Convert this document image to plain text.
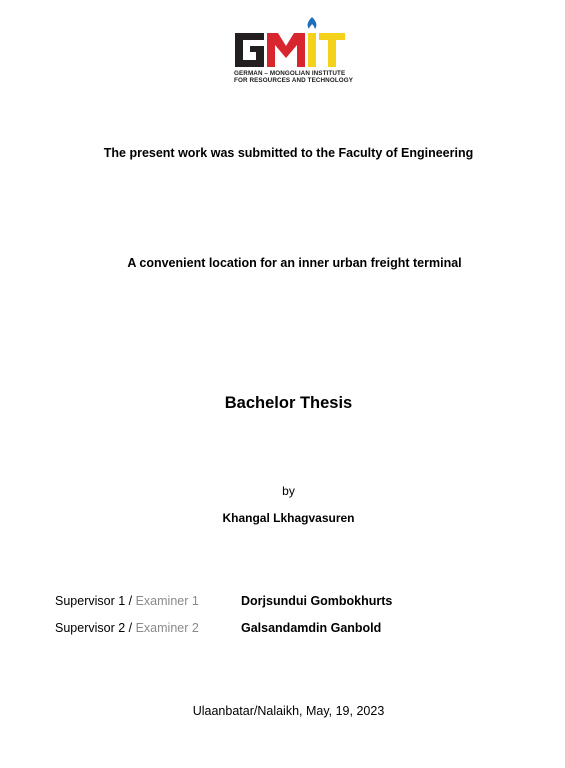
GERMAN – MONGOLIAN INSTITUTE
FOR RESOURCES AND TECHNOLOGY
The present work was submitted to the Faculty of Engineering
A convenient location for an inner urban freight terminal
Bachelor Thesis
by
Khangal Lkhagvasuren
Supervisor 1 / Examiner 1	Dorjsundui Gombokhurts
Supervisor 2 / Examiner 2	Galsandamdin Ganbold
Ulaanbatar/Nalaikh, May, 19, 2023
